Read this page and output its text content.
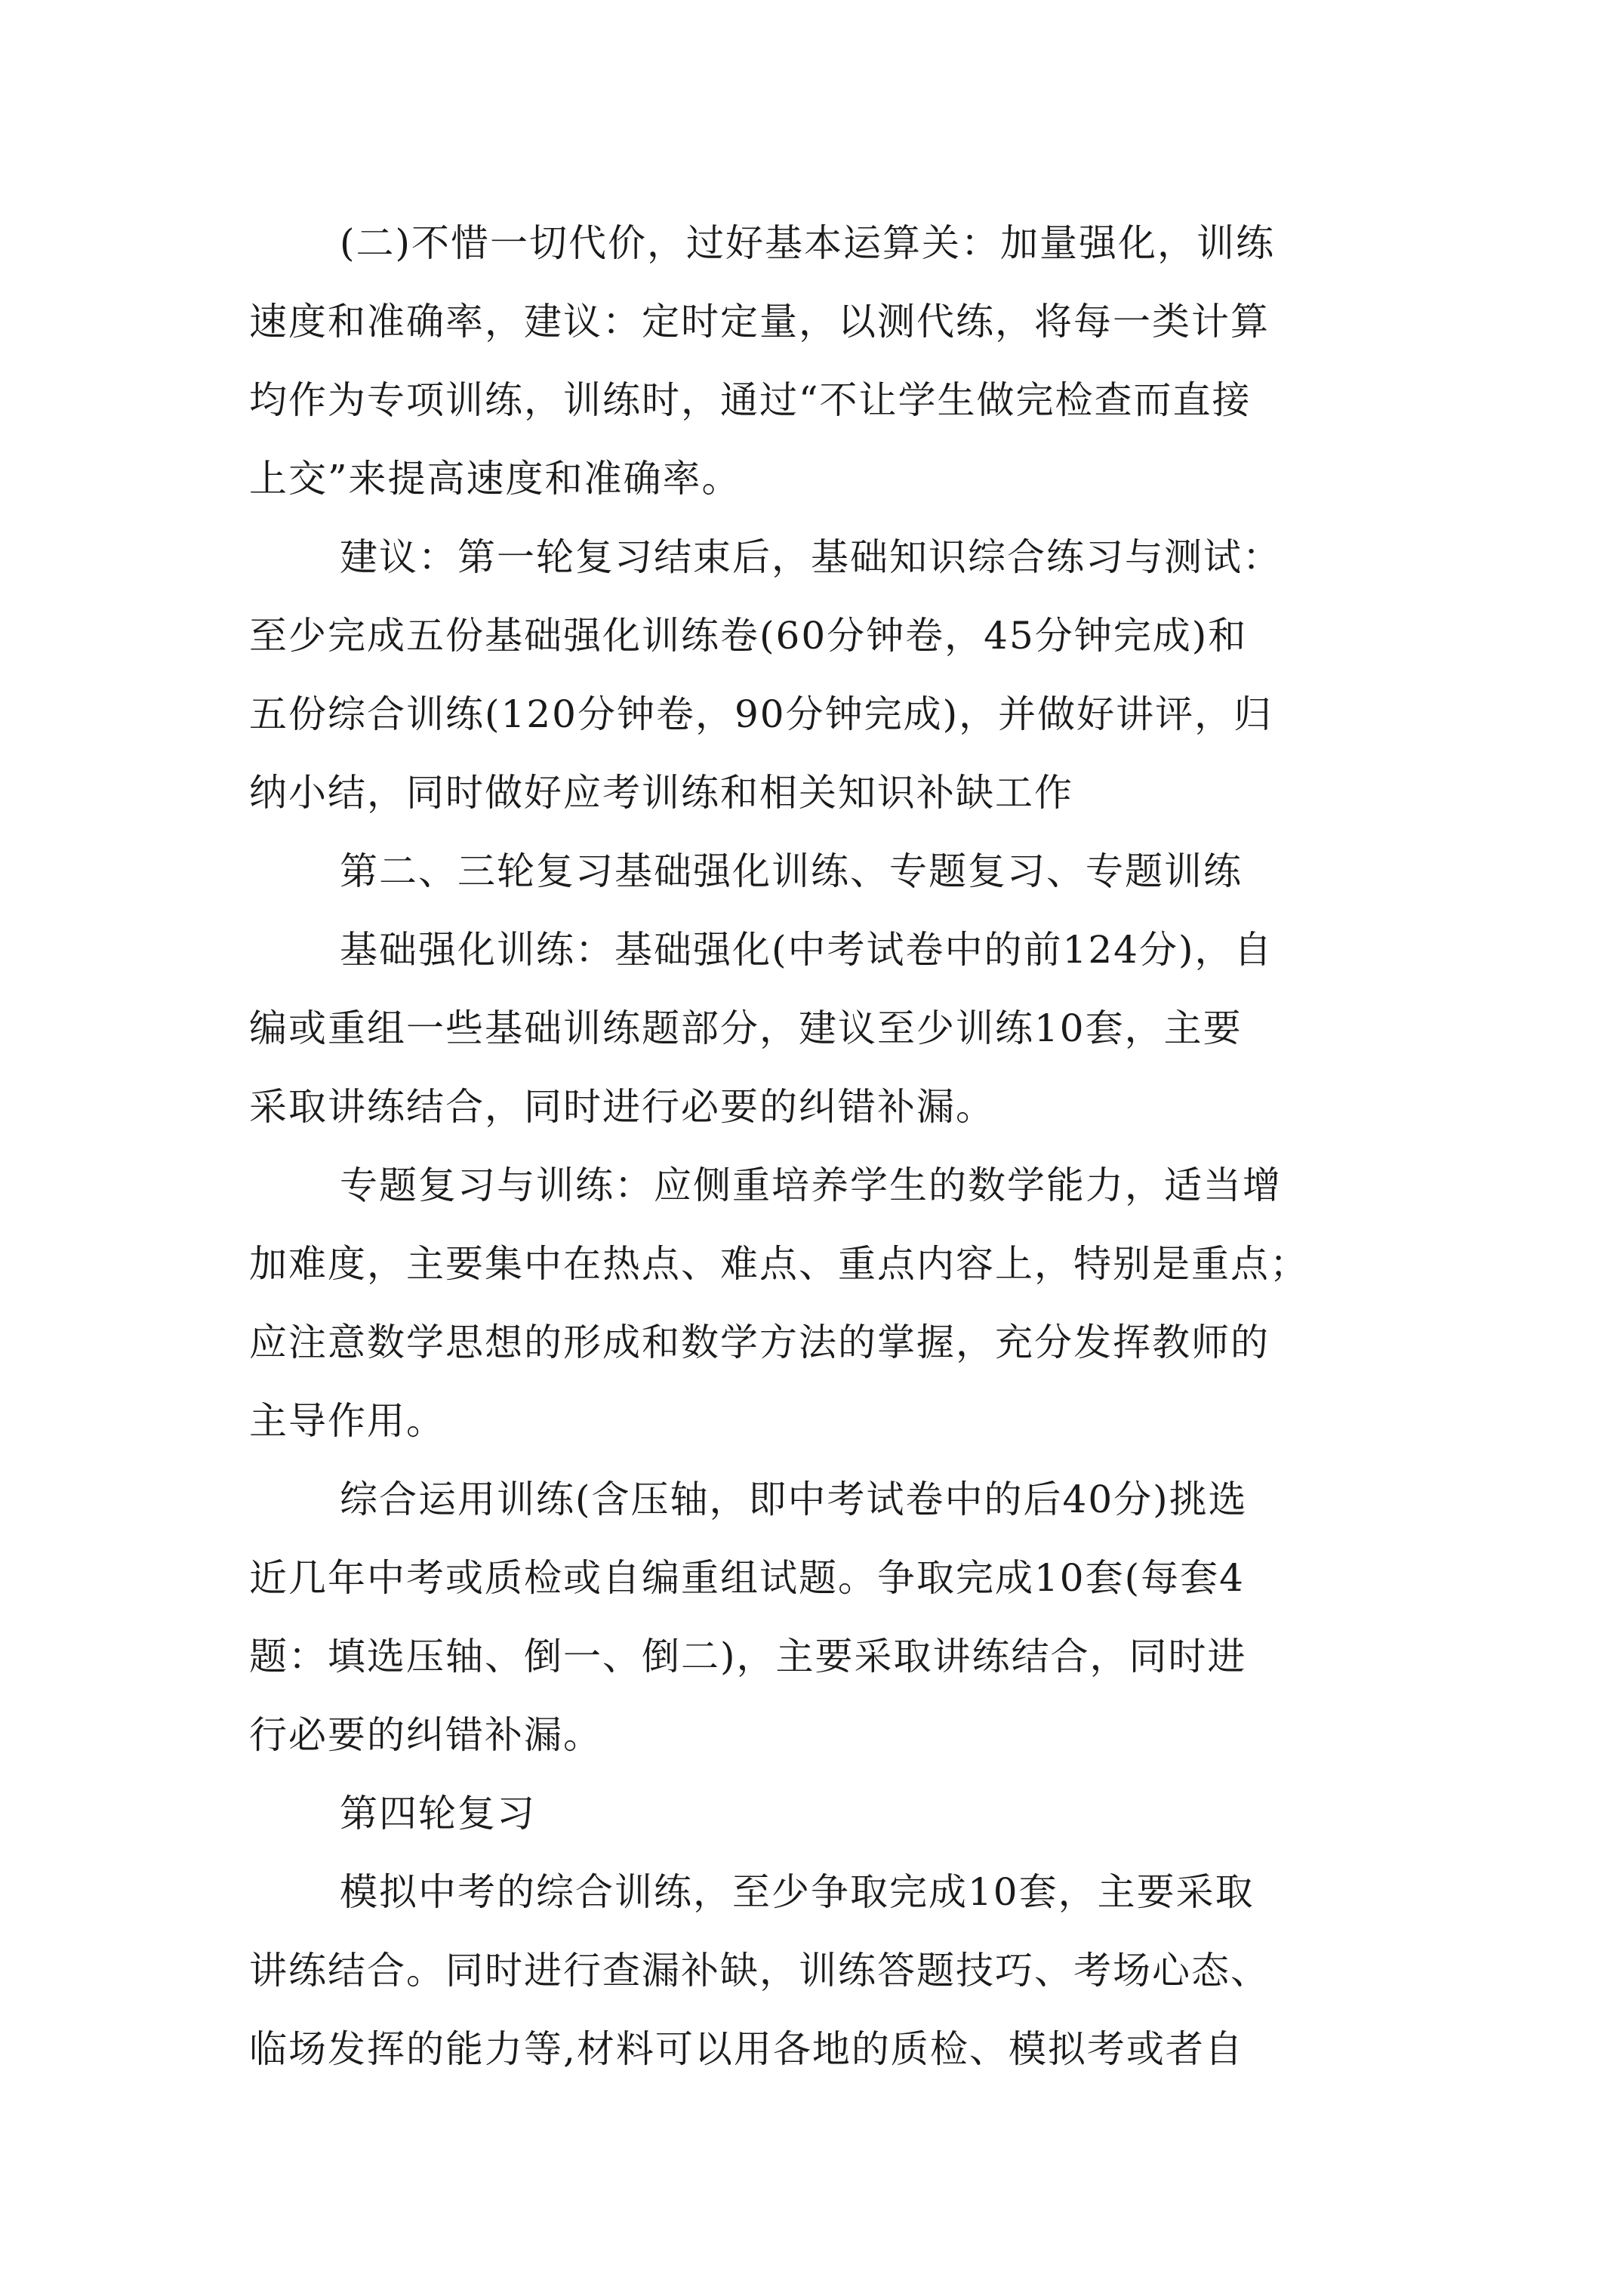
(二)不惜一切代价，过好基本运算关：加量强化，训练
速度和准确率，建议：定时定量，以测代练，将每一类计算
均作为专项训练，训练时，通过“不让学生做完检查而直接
上交”来提高速度和准确率。
建议：第一轮复习结束后，基础知识综合练习与测试：
至少完成五份基础强化训练卷(60分钟卷，45分钟完成)和
五份综合训练(120分钟卷，90分钟完成)，并做好讲评，归
纳小结，同时做好应考训练和相关知识补缺工作
第二、三轮复习基础强化训练、专题复习、专题训练
基础强化训练：基础强化(中考试卷中的前124分)，自
编或重组一些基础训练题部分，建议至少训练10套，主要
采取讲练结合，同时进行必要的纠错补漏。
专题复习与训练：应侧重培养学生的数学能力，适当增
加难度，主要集中在热点、难点、重点内容上，特别是重点；
应注意数学思想的形成和数学方法的掌握，充分发挥教师的
主导作用。
综合运用训练(含压轴，即中考试卷中的后40分)挑选
近几年中考或质检或自编重组试题。争取完成10套(每套4
题：填选压轴、倒一、倒二)，主要采取讲练结合，同时进
行必要的纠错补漏。
第四轮复习
模拟中考的综合训练，至少争取完成10套，主要采取
讲练结合。同时进行查漏补缺，训练答题技巧、考场心态、
临场发挥的能力等,材料可以用各地的质检、模拟考或者自
